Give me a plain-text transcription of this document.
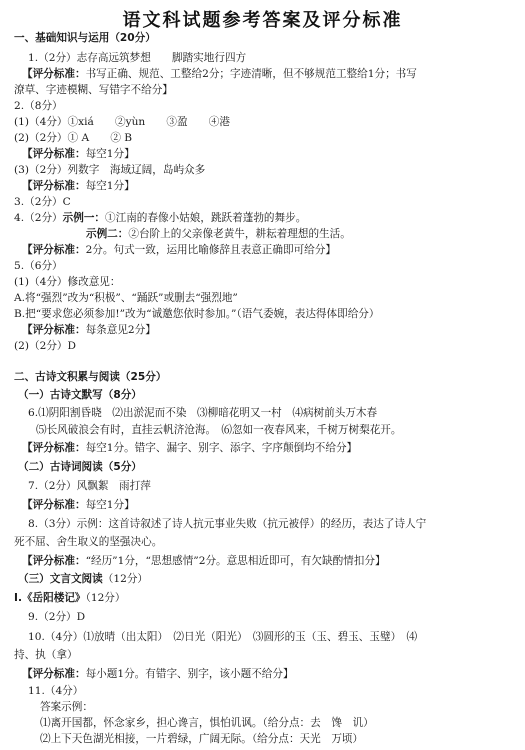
语文科试题参考答案及评分标准
一、基础知识与运用（20分）
1.（2分）志存高远筑梦想　　脚踏实地行四方
【评分标准：书写正确、规范、工整给2分；字迹清晰，但不够规范工整给1分；书写
潦草、字迹模糊、写错字不给分】
2.（8分）
(1)（4分）①xiá　　②yùn　　③盈　　④港
(2)（2分）① A　　② B
【评分标准：每空1分】
(3)（2分）列数字　海域辽阔，岛屿众多
【评分标准：每空1分】
3.（2分）C
4.（2分）示例一：①江南的春像小姑娘，跳跃着蓬勃的舞步。
示例二：②台阶上的父亲像老黄牛，耕耘着理想的生活。
【评分标准：2分。句式一致，运用比喻修辞且表意正确即可给分】
5.（6分）
(1)（4分）修改意见：
A.将“强烈”改为“积极”、“踊跃”或删去“强烈地”
B.把“要求您必须参加!”改为“诚邀您依时参加。”（语气委婉，表达得体即给分）
【评分标准：每条意见2分】
(2)（2分）D
二、古诗文积累与阅读（25分）
（一）古诗文默写（8分）
6.⑴阴阳割昏晓　⑵出淤泥而不染　⑶柳暗花明又一村　⑷病树前头万木春
⑸长风破浪会有时，直挂云帆济沧海。　⑹忽如一夜春风来，千树万树梨花开。
【评分标准：每空1分。错字、漏字、别字、添字、字序颠倒均不给分】
（二）古诗词阅读（5分）
7.（2分）风飘絮　雨打萍
【评分标准：每空1分】
8.（3分）示例：这首诗叙述了诗人抗元事业失败（抗元被俘）的经历，表达了诗人宁
死不屈、舍生取义的坚强决心。
【评分标准：“经历”1分，“思想感情”2分。意思相近即可，有欠缺酌情扣分】
（三）文言文阅读（12分）
Ⅰ.《岳阳楼记》（12分）
9.（2分）D
10.（4分）⑴放晴（出太阳）　⑵日光（阳光）　⑶圆形的玉（玉、碧玉、玉璧）　⑷
持、执（拿）
【评分标准：每小题1分。有错字、别字，该小题不给分】
11.（4分）
答案示例：
⑴离开国都，怀念家乡，担心谗言，惧怕讥讽。（给分点：去　馋　讥）
⑵上下天色湖光相接，一片碧绿，广阔无际。（给分点：天光　万顷）
